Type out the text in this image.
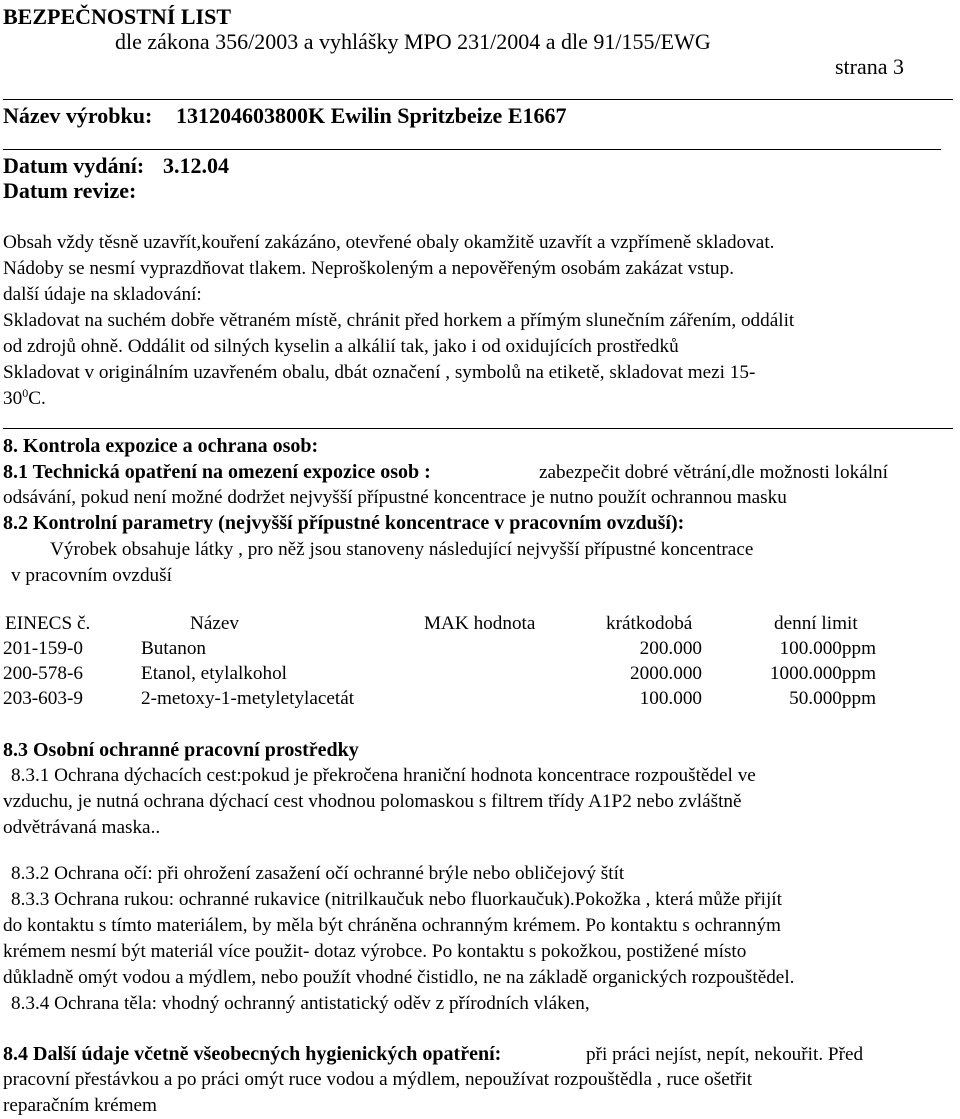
BEZPEČNOSTNÍ LIST
dle zákona 356/2003 a vyhlášky MPO 231/2004 a dle 91/155/EWG
strana 3
Název výrobku: 131204603800K Ewilin Spritzbeize E1667
Datum vydání: 3.12.04
Datum revize:
Obsah vždy těsně uzavřít,kouření zakázáno, otevřené obaly okamžitě uzavřít a vzpřímeně skladovat.
Nádoby se nesmí vyprazdňovat tlakem. Neproškoleným a nepověřeným osobám zakázat vstup.
další údaje na skladování:
Skladovat na suchém dobře větraném místě, chránit před horkem a přímým slunečním zářením, oddálit
od zdrojů ohně. Oddálit od silných kyselin a alkálií tak, jako i od oxidujících prostředků
Skladovat v originálním uzavřeném obalu, dbát označení , symbolů na etiketě, skladovat mezi 15-
$30^0C$.
8. Kontrola expozice a ochrana osob:
8.1 Technická opatření na omezení expozice osob :	zabezpečit dobré větrání,dle možnosti lokální
odsávání, pokud není možné dodržet nejvyšší přípustné koncentrace je nutno použít ochrannou masku
8.2 Kontrolní parametry (nejvyšší přípustné koncentrace v pracovním ovzduší):
Výrobek obsahuje látky , pro něž jsou stanoveny následující nejvyšší přípustné koncentrace
v pracovním ovzduší
EINECS č.	Název	MAK hodnota	krátkodobá	denní limit
201-159-0	Butanon	200.000	100.000ppm
200-578-6	Etanol, etylalkohol	2000.000	1000.000ppm
203-603-9	2-metoxy-1-metyletylacetát	100.000	50.000ppm
8.3 Osobní ochranné pracovní prostředky
8.3.1 Ochrana dýchacích cest:pokud je překročena hraniční hodnota koncentrace rozpouštědel ve
vzduchu, je nutná ochrana dýchací cest vhodnou polomaskou s filtrem třídy A1P2 nebo zvláštně
odvětrávaná maska..
8.3.2 Ochrana očí: při ohrožení zasažení očí ochranné brýle nebo obličejový štít
8.3.3 Ochrana rukou: ochranné rukavice (nitrilkaučuk nebo fluorkaučuk).Pokožka , která může přijít
do kontaktu s tímto materiálem, by měla být chráněna ochranným krémem. Po kontaktu s ochranným
krémem nesmí být materiál více použit- dotaz výrobce. Po kontaktu s pokožkou, postižené místo
důkladně omýt vodou a mýdlem, nebo použít vhodné čistidlo, ne na základě organických rozpouštědel.
8.3.4 Ochrana těla: vhodný ochranný antistatický oděv z přírodních vláken,
8.4 Další údaje včetně všeobecných hygienických opatření:	při práci nejíst, nepít, nekouřit. Před
pracovní přestávkou a po práci omýt ruce vodou a mýdlem, nepoužívat rozpouštědla , ruce ošetřit
reparačním krémem
